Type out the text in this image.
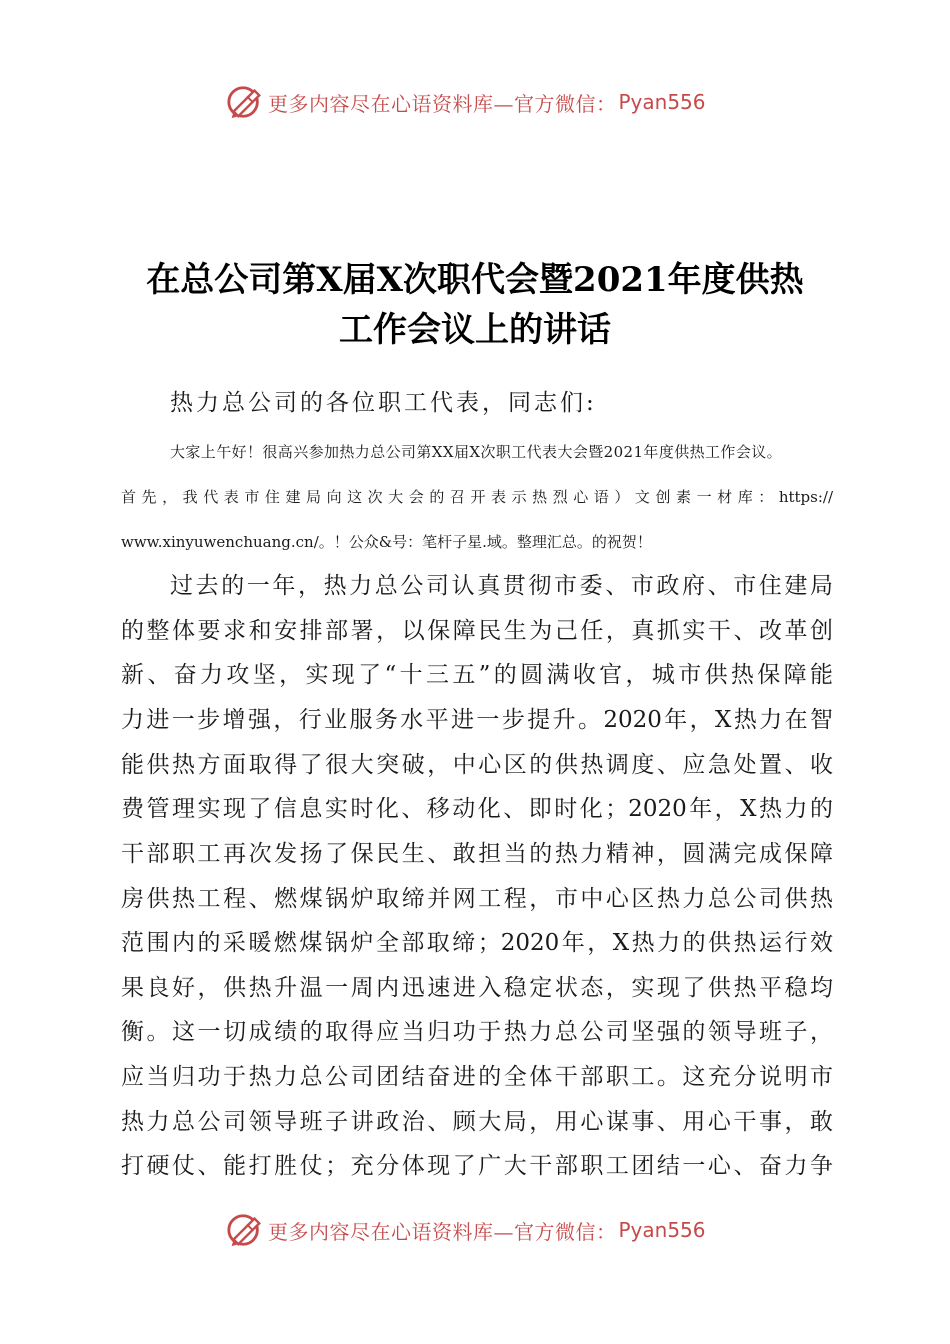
更多内容尽在心语资料库—官方微信： Pyan556
在总公司第X届X次职代会暨2021年度供热
工作会议上的讲话
热力总公司的各位职工代表，同志们:
大家上午好！很高兴参加热力总公司第XX届X次职工代表大会暨2021年度供热工作会议。
首先，我代表市住建局向这次大会的召开表示热烈心语）文创素一材库：https://
www.xinyuwenchuang.cn/。！公众&号：笔杆子星.域。整理汇总。的祝贺！
过去的一年，热力总公司认真贯彻市委、市政府、市住建局
的整体要求和安排部署，以保障民生为己任，真抓实干、改革创
新、奋力攻坚，实现了“十三五”的圆满收官，城市供热保障能
力进一步增强，行业服务水平进一步提升。2020年，X热力在智
能供热方面取得了很大突破，中心区的供热调度、应急处置、收
费管理实现了信息实时化、移动化、即时化；2020年，X热力的
干部职工再次发扬了保民生、敢担当的热力精神，圆满完成保障
房供热工程、燃煤锅炉取缔并网工程，市中心区热力总公司供热
范围内的采暖燃煤锅炉全部取缔；2020年，X热力的供热运行效
果良好，供热升温一周内迅速进入稳定状态，实现了供热平稳均
衡。这一切成绩的取得应当归功于热力总公司坚强的领导班子，
应当归功于热力总公司团结奋进的全体干部职工。这充分说明市
热力总公司领导班子讲政治、顾大局，用心谋事、用心干事，敢
打硬仗、能打胜仗；充分体现了广大干部职工团结一心、奋力争
更多内容尽在心语资料库—官方微信： Pyan556
